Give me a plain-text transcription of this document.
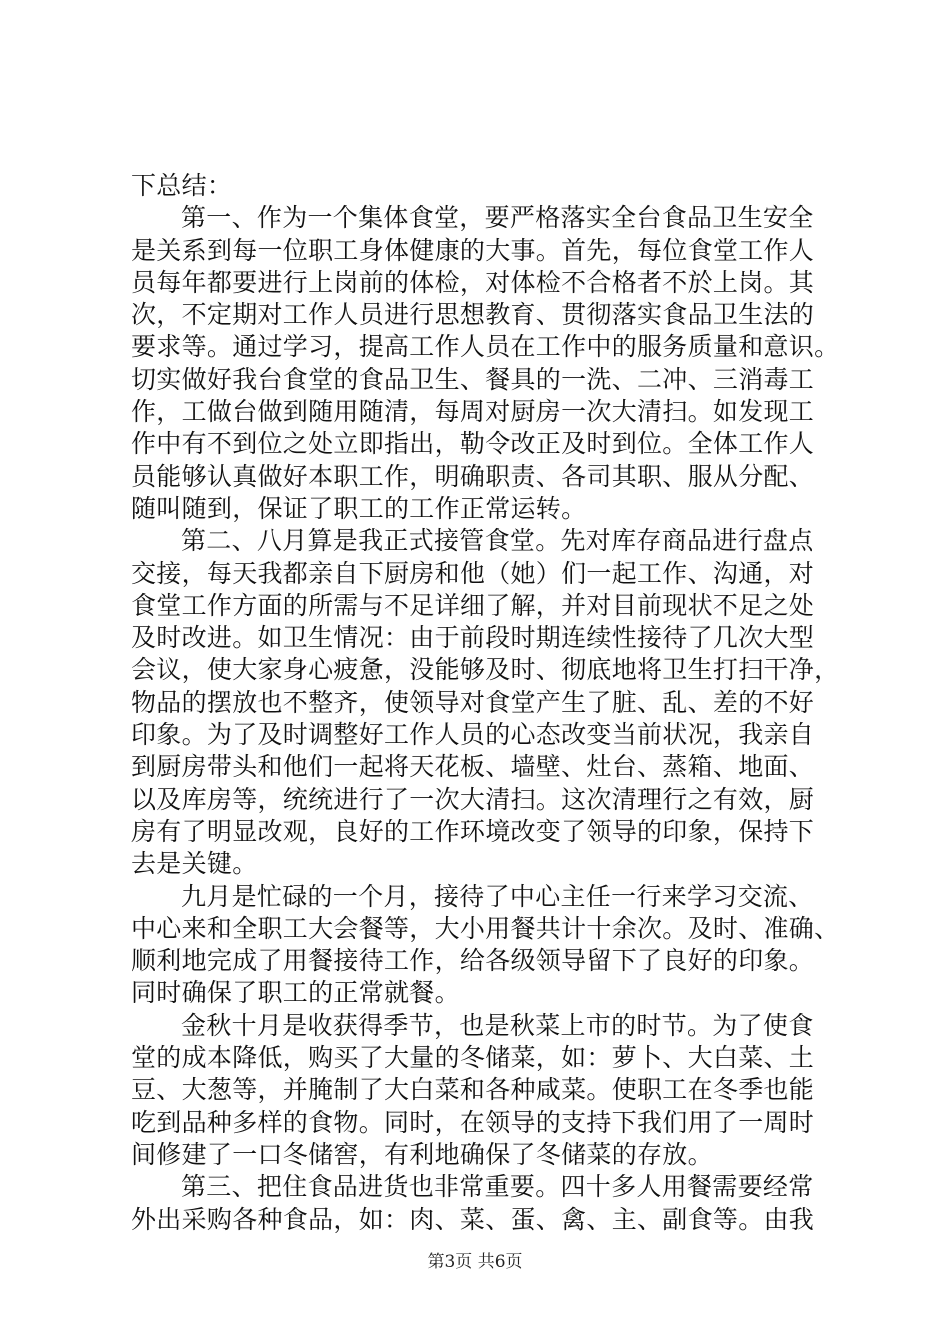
下总结：
第一、作为一个集体食堂，要严格落实全台食品卫生安全
是关系到每一位职工身体健康的大事。首先，每位食堂工作人
员每年都要进行上岗前的体检，对体检不合格者不於上岗。其
次，不定期对工作人员进行思想教育、贯彻落实食品卫生法的
要求等。通过学习，提高工作人员在工作中的服务质量和意识。
切实做好我台食堂的食品卫生、餐具的一洗、二冲、三消毒工
作，工做台做到随用随清，每周对厨房一次大清扫。如发现工
作中有不到位之处立即指出，勒令改正及时到位。全体工作人
员能够认真做好本职工作，明确职责、各司其职、服从分配、
随叫随到，保证了职工的工作正常运转。
第二、八月算是我正式接管食堂。先对库存商品进行盘点
交接，每天我都亲自下厨房和他（她）们一起工作、沟通，对
食堂工作方面的所需与不足详细了解，并对目前现状不足之处
及时改进。如卫生情况：由于前段时期连续性接待了几次大型
会议，使大家身心疲惫，没能够及时、彻底地将卫生打扫干净，
物品的摆放也不整齐，使领导对食堂产生了脏、乱、差的不好
印象。为了及时调整好工作人员的心态改变当前状况，我亲自
到厨房带头和他们一起将天花板、墙壁、灶台、蒸箱、地面、
以及库房等，统统进行了一次大清扫。这次清理行之有效，厨
房有了明显改观，良好的工作环境改变了领导的印象，保持下
去是关键。
九月是忙碌的一个月，接待了中心主任一行来学习交流、
中心来和全职工大会餐等，大小用餐共计十余次。及时、准确、
顺利地完成了用餐接待工作，给各级领导留下了良好的印象。
同时确保了职工的正常就餐。
金秋十月是收获得季节，也是秋菜上市的时节。为了使食
堂的成本降低，购买了大量的冬储菜，如：萝卜、大白菜、土
豆、大葱等，并腌制了大白菜和各种咸菜。使职工在冬季也能
吃到品种多样的食物。同时，在领导的支持下我们用了一周时
间修建了一口冬储窖，有利地确保了冬储菜的存放。
第三、把住食品进货也非常重要。四十多人用餐需要经常
外出采购各种食品，如：肉、菜、蛋、禽、主、副食等。由我
第3页 共6页
